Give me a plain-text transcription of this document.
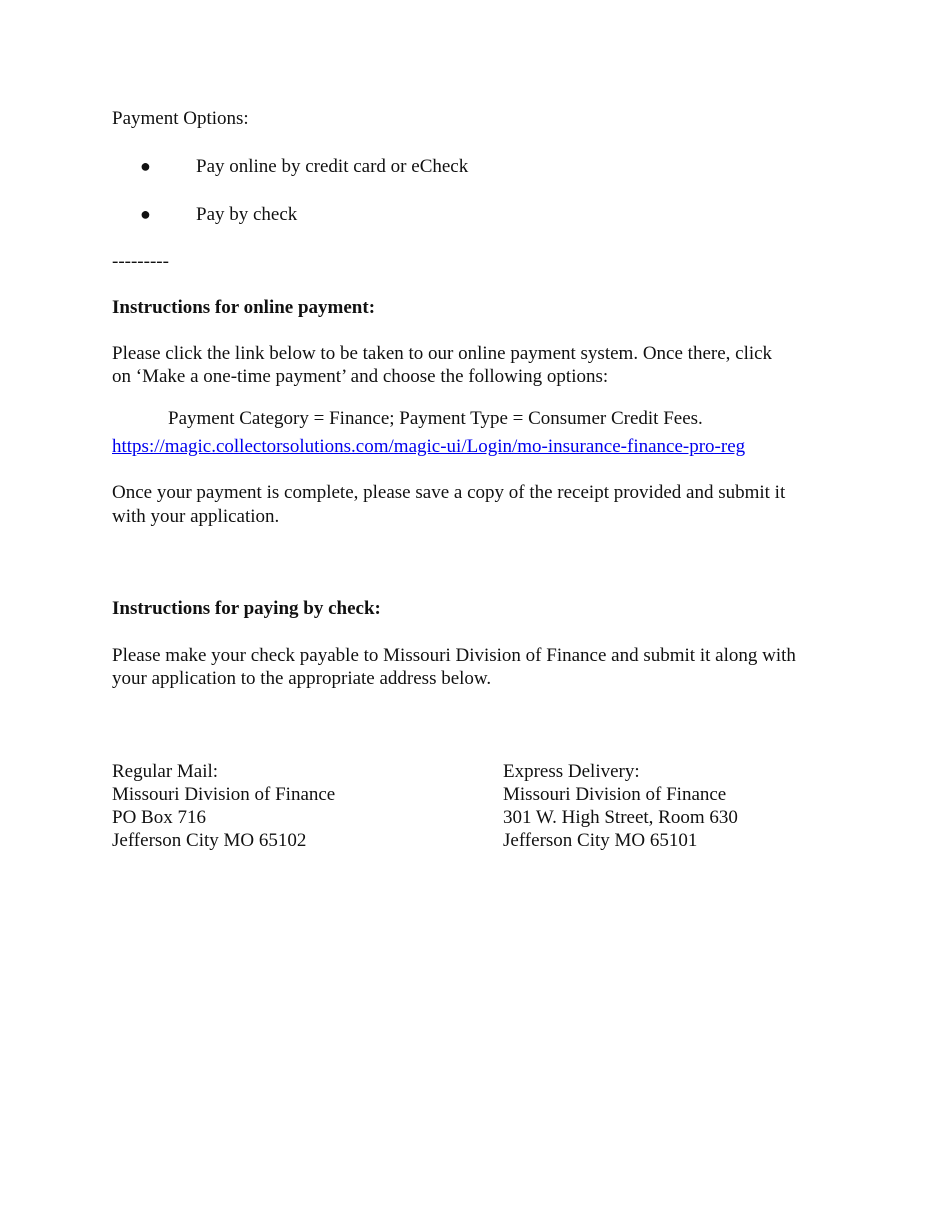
Payment Options:

● Pay online by credit card or eCheck
● Pay by check

---------

Instructions for online payment:

Please click the link below to be taken to our online payment system. Once there, click

on ‘Make a one-time payment’ and choose the following options:

Payment Category = Finance; Payment Type = Consumer Credit Fees.

https://magic.collectorsolutions.com/magic-ui/Login/mo-insurance-finance-pro-reg

Once your payment is complete, please save a copy of the receipt provided and submit it

with your application.

Instructions for paying by check:

Please make your check payable to Missouri Division of Finance and submit it along with

your application to the appropriate address below.

Regular Mail:
Missouri Division of Finance
PO Box 716
Jefferson City MO 65102
Express Delivery:
Missouri Division of Finance
301 W. High Street, Room 630
Jefferson City MO 65101
